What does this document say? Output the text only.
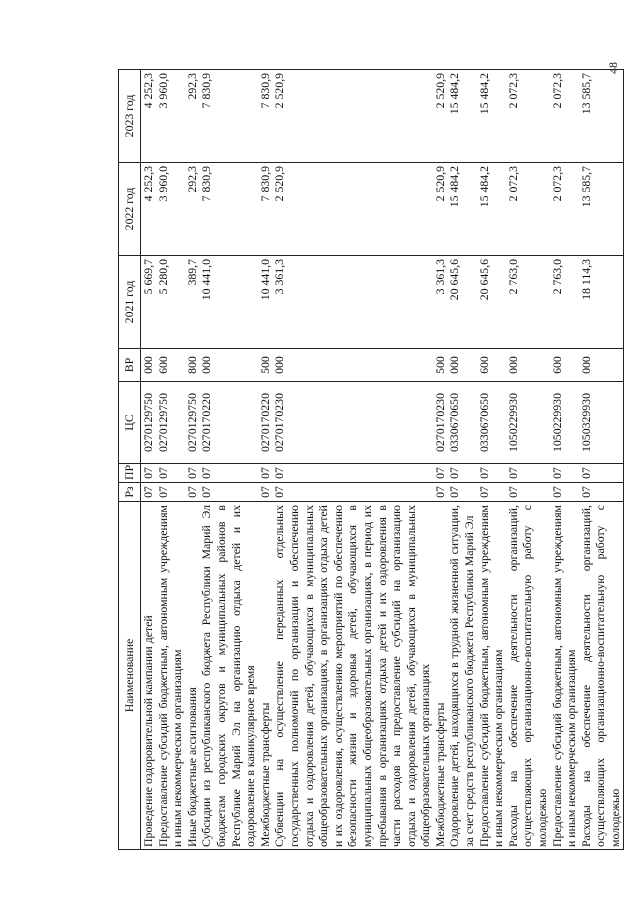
48
Наименование	Рз	ПР	ЦС	ВР	2021 год	2022 год	2023 год
Проведение оздоровительной кампании детей	07	07	0270129750	000	5 669,7	4 252,3	4 252,3
Предоставление субсидий бюджетным, автономным учреждениям и иным некоммерческим организациям	07	07	0270129750	600	5 280,0	3 960,0	3 960,0
Иные бюджетные ассигнования	07	07	0270129750	800	389,7	292,3	292,3
Субсидии из республиканского бюджета Республики Марий Эл бюджетам городских округов и муниципальных районов в Республике Марий Эл на организацию отдыха детей и их оздоровление в каникулярное время	07	07	0270170220	000	10 441,0	7 830,9	7 830,9
Межбюджетные трансферты	07	07	0270170220	500	10 441,0	7 830,9	7 830,9
Субвенции на осуществление переданных отдельных государственных полномочий по организации и обеспечению отдыха и оздоровления детей, обучающихся в муниципальных общеобразовательных организациях, в организациях отдыха детей и их оздоровления, осуществлению мероприятий по обеспечению безопасности жизни и здоровья детей, обучающихся в муниципальных общеобразовательных организациях, в период их пребывания в организациях отдыха детей и их оздоровления в части расходов на предоставление субсидий на организацию отдыха и оздоровления детей, обучающихся в муниципальных общеобразовательных организациях	07	07	0270170230	000	3 361,3	2 520,9	2 520,9
Межбюджетные трансферты	07	07	0270170230	500	3 361,3	2 520,9	2 520,9
Оздоровление детей, находящихся в трудной жизненной ситуации, за счет средств республиканского бюджета Республики Марий Эл	07	07	0330670650	000	20 645,6	15 484,2	15 484,2
Предоставление субсидий бюджетным, автономным учреждениям и иным некоммерческим организациям	07	07	0330670650	600	20 645,6	15 484,2	15 484,2
Расходы на обеспечение деятельности организаций, осуществляющих организационно-воспитательную работу с молодежью	07	07	1050229930	000	2 763,0	2 072,3	2 072,3
Предоставление субсидий бюджетным, автономным учреждениям и иным некоммерческим организациям	07	07	1050229930	600	2 763,0	2 072,3	2 072,3
Расходы на обеспечение деятельности организаций, осуществляющих организационно-воспитательную работу с молодежью	07	07	1050329930	000	18 114,3	13 585,7	13 585,7
